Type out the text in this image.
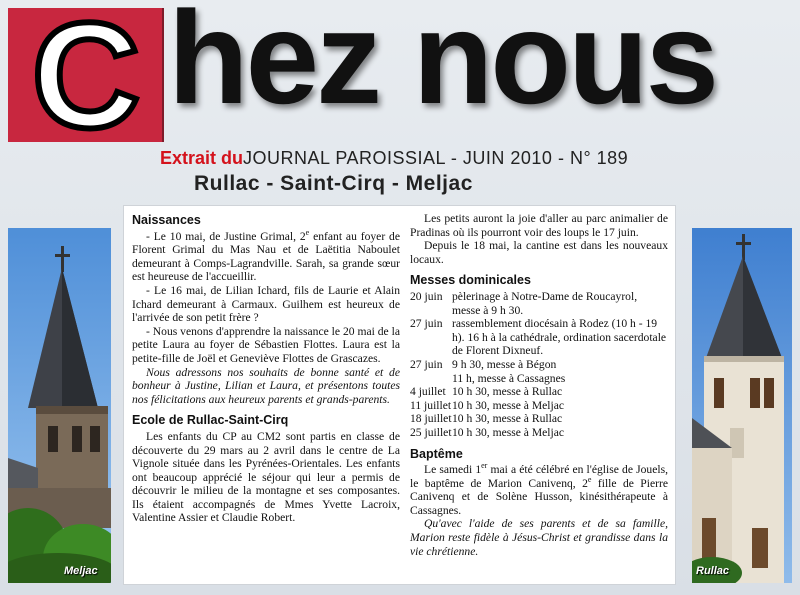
C hez nous
Extrait duJOURNAL PAROISSIAL - JUIN 2010 - N° 189
Rullac - Saint-Cirq - Meljac
Meljac
Naissances

- Le 10 mai, de Justine Grimal, 2e enfant au foyer de Florent Grimal du Mas Nau et de Laëtitia Naboulet demeurant à Comps-Lagrandville. Sarah, sa grande sœur est heureuse de l'accueillir.

- Le 16 mai, de Lilian Ichard, fils de Laurie et Alain Ichard demeurant à Carmaux. Guilhem est heureux de l'arrivée de son petit frère ?

- Nous venons d'apprendre la naissance le 20 mai de la petite Laura au foyer de Sébastien Flottes. Laura est la petite-fille de Joël et Geneviève Flottes de Grascazes.

Nous adressons nos souhaits de bonne santé et de bonheur à Justine, Lilian et Laura, et présentons toutes nos félicitations aux heureux parents et grands-parents.

Ecole de Rullac-Saint-Cirq

Les enfants du CP au CM2 sont partis en classe de découverte du 29 mars au 2 avril dans le centre de La Vignole située dans les Pyrénées-Orientales. Les enfants ont beaucoup apprécié le séjour qui leur a permis de découvrir le milieu de la montagne et ses composantes. Ils étaient accompagnés de Mmes Yvette Lacroix, Valentine Assier et Claudie Robert.

Les petits auront la joie d'aller au parc animalier de Pradinas où ils pourront voir des loups le 17 juin.

Depuis le 18 mai, la cantine est dans les nouveaux locaux.

Messes dominicales
20 juin pèlerinage à Notre-Dame de Roucayrol, messe à 9 h 30.
27 juin rassemblement diocésain à Rodez (10 h - 19 h). 16 h à la cathédrale, ordination sacerdotale de Florent Dixneuf.
27 juin 9 h 30, messe à Bégon
11 h, messe à Cassagnes
4 juillet 10 h 30, messe à Rullac
11 juillet 10 h 30, messe à Meljac
18 juillet 10 h 30, messe à Rullac
25 juillet 10 h 30, messe à Meljac
Baptême

Le samedi 1er mai a été célébré en l'église de Jouels, le baptême de Marion Canivenq, 2e fille de Pierre Canivenq et de Solène Husson, kinésithérapeute à Cassagnes.

Qu'avec l'aide de ses parents et de sa famille, Marion reste fidèle à Jésus-Christ et grandisse dans la vie chrétienne.

Rullac
